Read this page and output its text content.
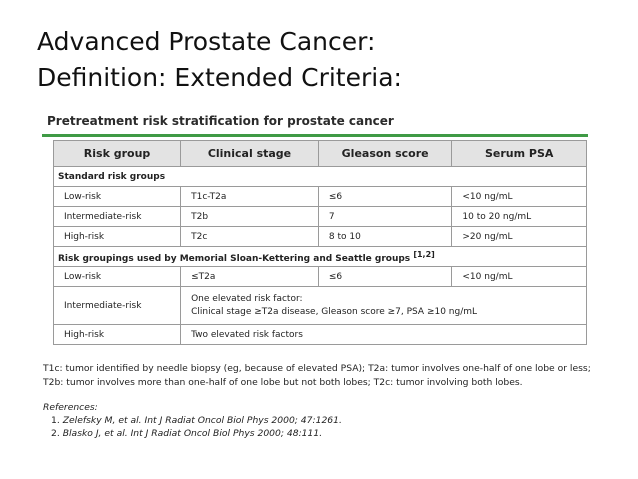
Advanced Prostate Cancer:
Definition: Extended Criteria:
Pretreatment risk stratification for prostate cancer
Risk group	Clinical stage	Gleason score	Serum PSA
Standard risk groups			
Low-risk	T1c-T2a	≤6	<10 ng/mL
Intermediate-risk	T2b	7	10 to 20 ng/mL
High-risk	T2c	8 to 10	>20 ng/mL
Risk groupings used by Memorial Sloan-Kettering and Seattle groups [1,2]			
Low-risk	≤T2a	≤6	<10 ng/mL
Intermediate-risk	One elevated risk factor:
Clinical stage ≥T2a disease, Gleason score ≥7, PSA ≥10 ng/mL		

High-risk	Two elevated risk factors		
T1c: tumor identified by needle biopsy (eg, because of elevated PSA); T2a: tumor involves one-half of one lobe or less; T2b: tumor involves more than one-half of one lobe but not both lobes; T2c: tumor involving both lobes.
References:
1. Zelefsky M, et al. Int J Radiat Oncol Biol Phys 2000; 47:1261.
2. Blasko J, et al. Int J Radiat Oncol Biol Phys 2000; 48:111.
